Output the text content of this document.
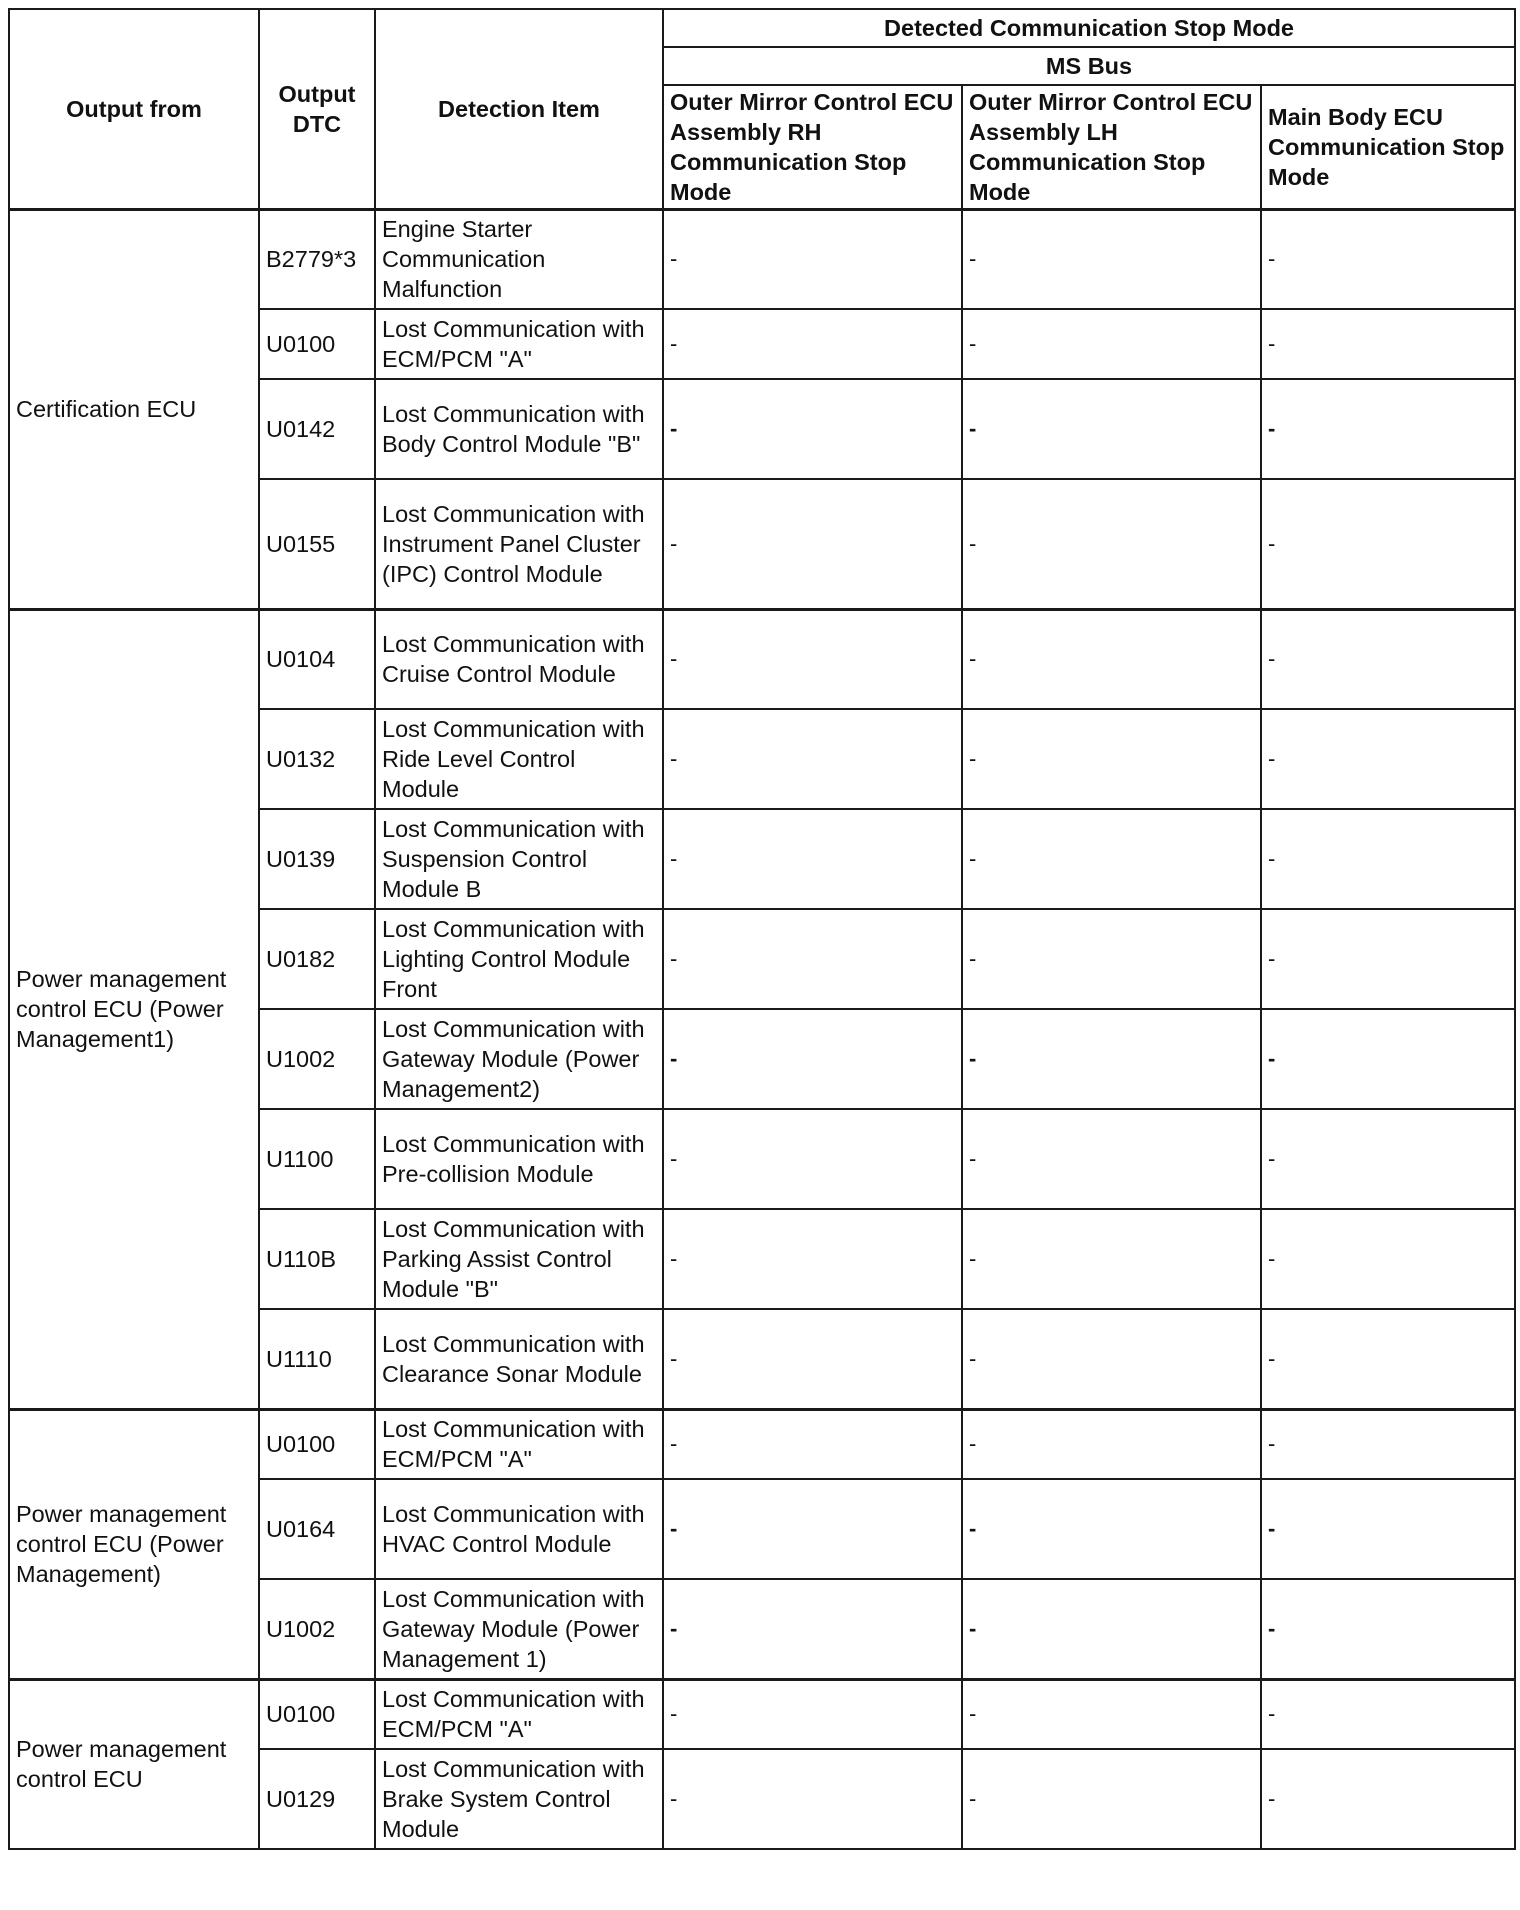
Output from	Output DTC	Detection Item	Detected Communication Stop Mode		
			MS Bus		
			Outer Mirror Control ECU Assembly RH Communication Stop Mode	Outer Mirror Control ECU Assembly LH Communication Stop Mode	Main Body ECU Communication Stop Mode
Certification ECU	B2779*3	Engine Starter Communication Malfunction	-	-	-
	U0100	Lost Communication with ECM/PCM "A"	-	-	-
	U0142	Lost Communication with Body Control Module "B"	-	-	-
	U0155	Lost Communication with Instrument Panel Cluster (IPC) Control Module	-	-	-
Power management control ECU (Power Management1)	U0104	Lost Communication with Cruise Control Module	-	-	-
	U0132	Lost Communication with Ride Level Control Module	-	-	-
	U0139	Lost Communication with Suspension Control Module B	-	-	-
	U0182	Lost Communication with Lighting Control Module Front	-	-	-
	U1002	Lost Communication with Gateway Module (Power Management2)	-	-	-
	U1100	Lost Communication with Pre-collision Module	-	-	-
	U110B	Lost Communication with Parking Assist Control Module "B"	-	-	-
	U1110	Lost Communication with Clearance Sonar Module	-	-	-
Power management control ECU (Power Management)	U0100	Lost Communication with ECM/PCM "A"	-	-	-
	U0164	Lost Communication with HVAC Control Module	-	-	-
	U1002	Lost Communication with Gateway Module (Power Management 1)	-	-	-
Power management control ECU	U0100	Lost Communication with ECM/PCM "A"	-	-	-
	U0129	Lost Communication with Brake System Control Module	-	-	-
